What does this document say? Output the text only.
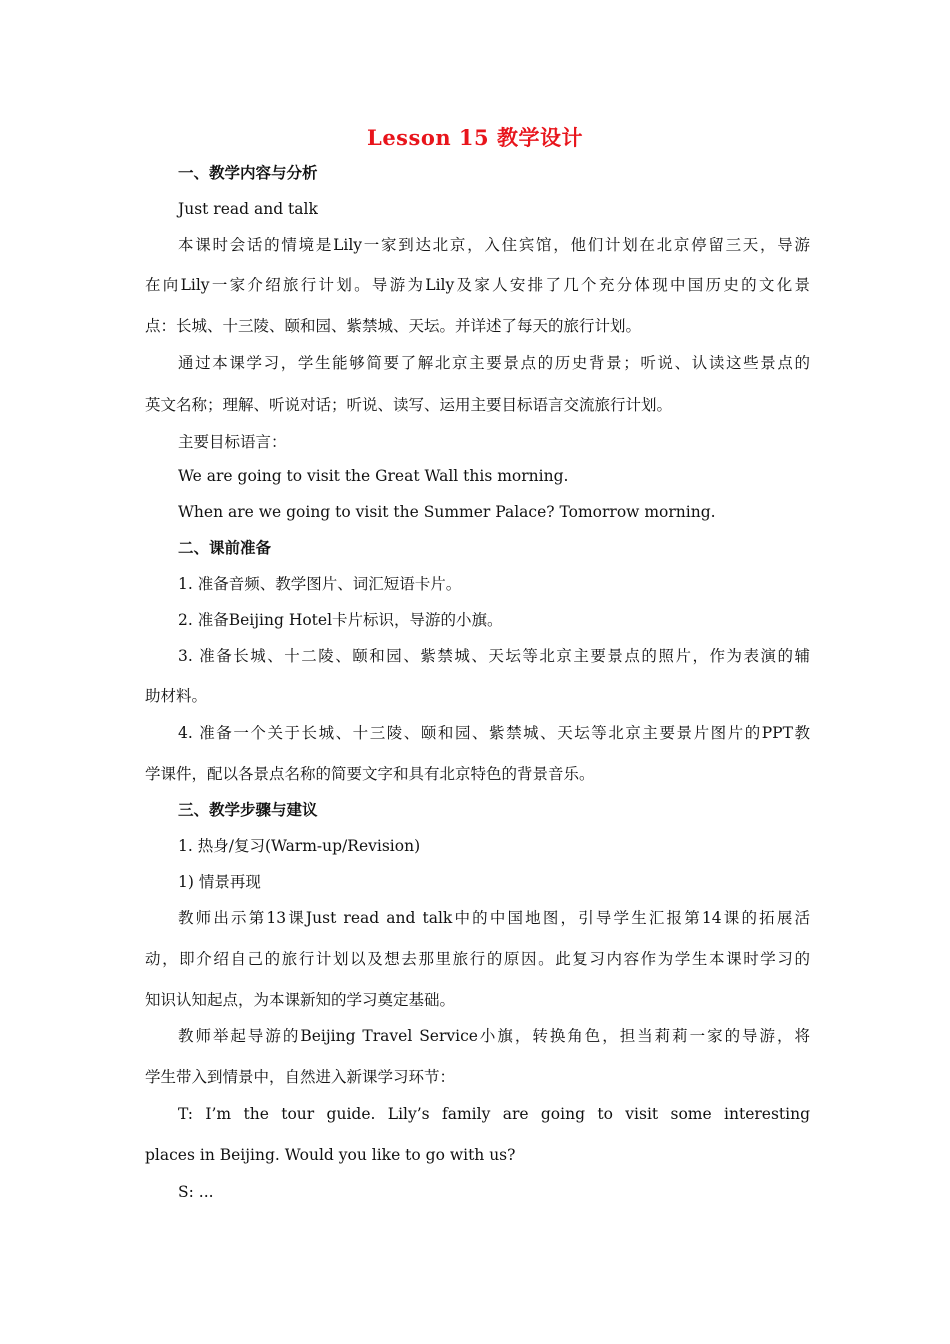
Lesson 15 教学设计
一、教学内容与分析
Just read and talk
本课时会话的情境是Lily一家到达北京，入住宾馆，他们计划在北京停留三天，导游
在向Lily一家介绍旅行计划。导游为Lily及家人安排了几个充分体现中国历史的文化景
点：长城、十三陵、颐和园、紫禁城、天坛。并详述了每天的旅行计划。
通过本课学习，学生能够简要了解北京主要景点的历史背景；听说、认读这些景点的
英文名称；理解、听说对话；听说、读写、运用主要目标语言交流旅行计划。
主要目标语言：
We are going to visit the Great Wall this morning.
When are we going to visit the Summer Palace? Tomorrow morning.
二、课前准备
1. 准备音频、教学图片、词汇短语卡片。
2. 准备Beijing Hotel卡片标识，导游的小旗。
3. 准备长城、十二陵、颐和园、紫禁城、天坛等北京主要景点的照片，作为表演的辅
助材料。
4. 准备一个关于长城、十三陵、颐和园、紫禁城、天坛等北京主要景片图片的PPT教
学课件，配以各景点名称的简要文字和具有北京特色的背景音乐。
三、教学步骤与建议
1. 热身/复习(Warm-up/Revision)
1) 情景再现
教师出示第13课Just read and talk中的中国地图，引导学生汇报第14课的拓展活
动，即介绍自己的旅行计划以及想去那里旅行的原因。此复习内容作为学生本课时学习的
知识认知起点，为本课新知的学习奠定基础。
教师举起导游的Beijing Travel Service小旗，转换角色，担当莉莉一家的导游，将
学生带入到情景中，自然进入新课学习环节：
T: I’m the tour guide. Lily’s family are going to visit some interesting
places in Beijing. Would you like to go with us?
S: ...
